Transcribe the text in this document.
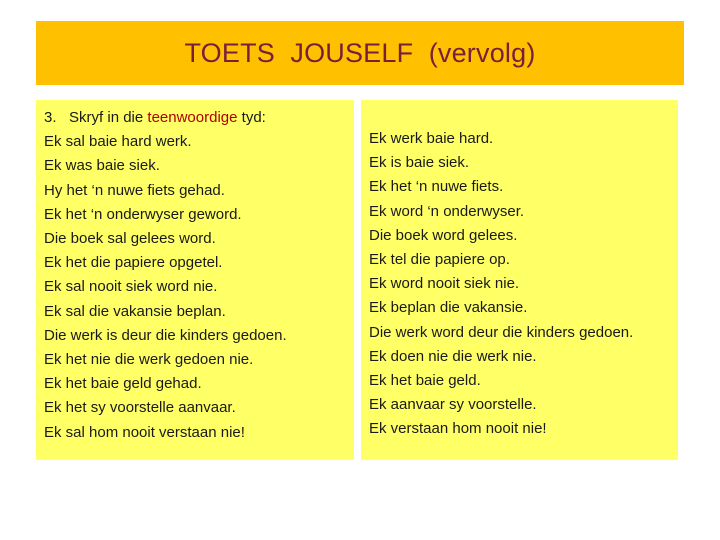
TOETS  JOUSELF  (vervolg)
3. Skryf in die teenwoordige tyd:
Ek sal baie hard werk.
Ek was baie siek.
Hy het ‘n nuwe fiets gehad.
Ek het ‘n onderwyser geword.
Die boek sal gelees word.
Ek het die papiere opgetel.
Ek sal nooit siek word nie.
Ek sal die vakansie beplan.
Die werk is deur die kinders gedoen.
Ek het nie die werk gedoen nie.
Ek het baie geld gehad.
Ek het sy voorstelle aanvaar.
Ek sal hom nooit verstaan nie!
Ek werk baie hard.
Ek is baie siek.
Ek het ‘n nuwe fiets.
Ek word ‘n onderwyser.
Die boek word gelees.
Ek tel die papiere op.
Ek word nooit siek nie.
Ek beplan die vakansie.
Die werk word deur die kinders gedoen.
Ek doen nie die werk nie.
Ek het baie geld.
Ek aanvaar sy voorstelle.
Ek verstaan hom nooit nie!
